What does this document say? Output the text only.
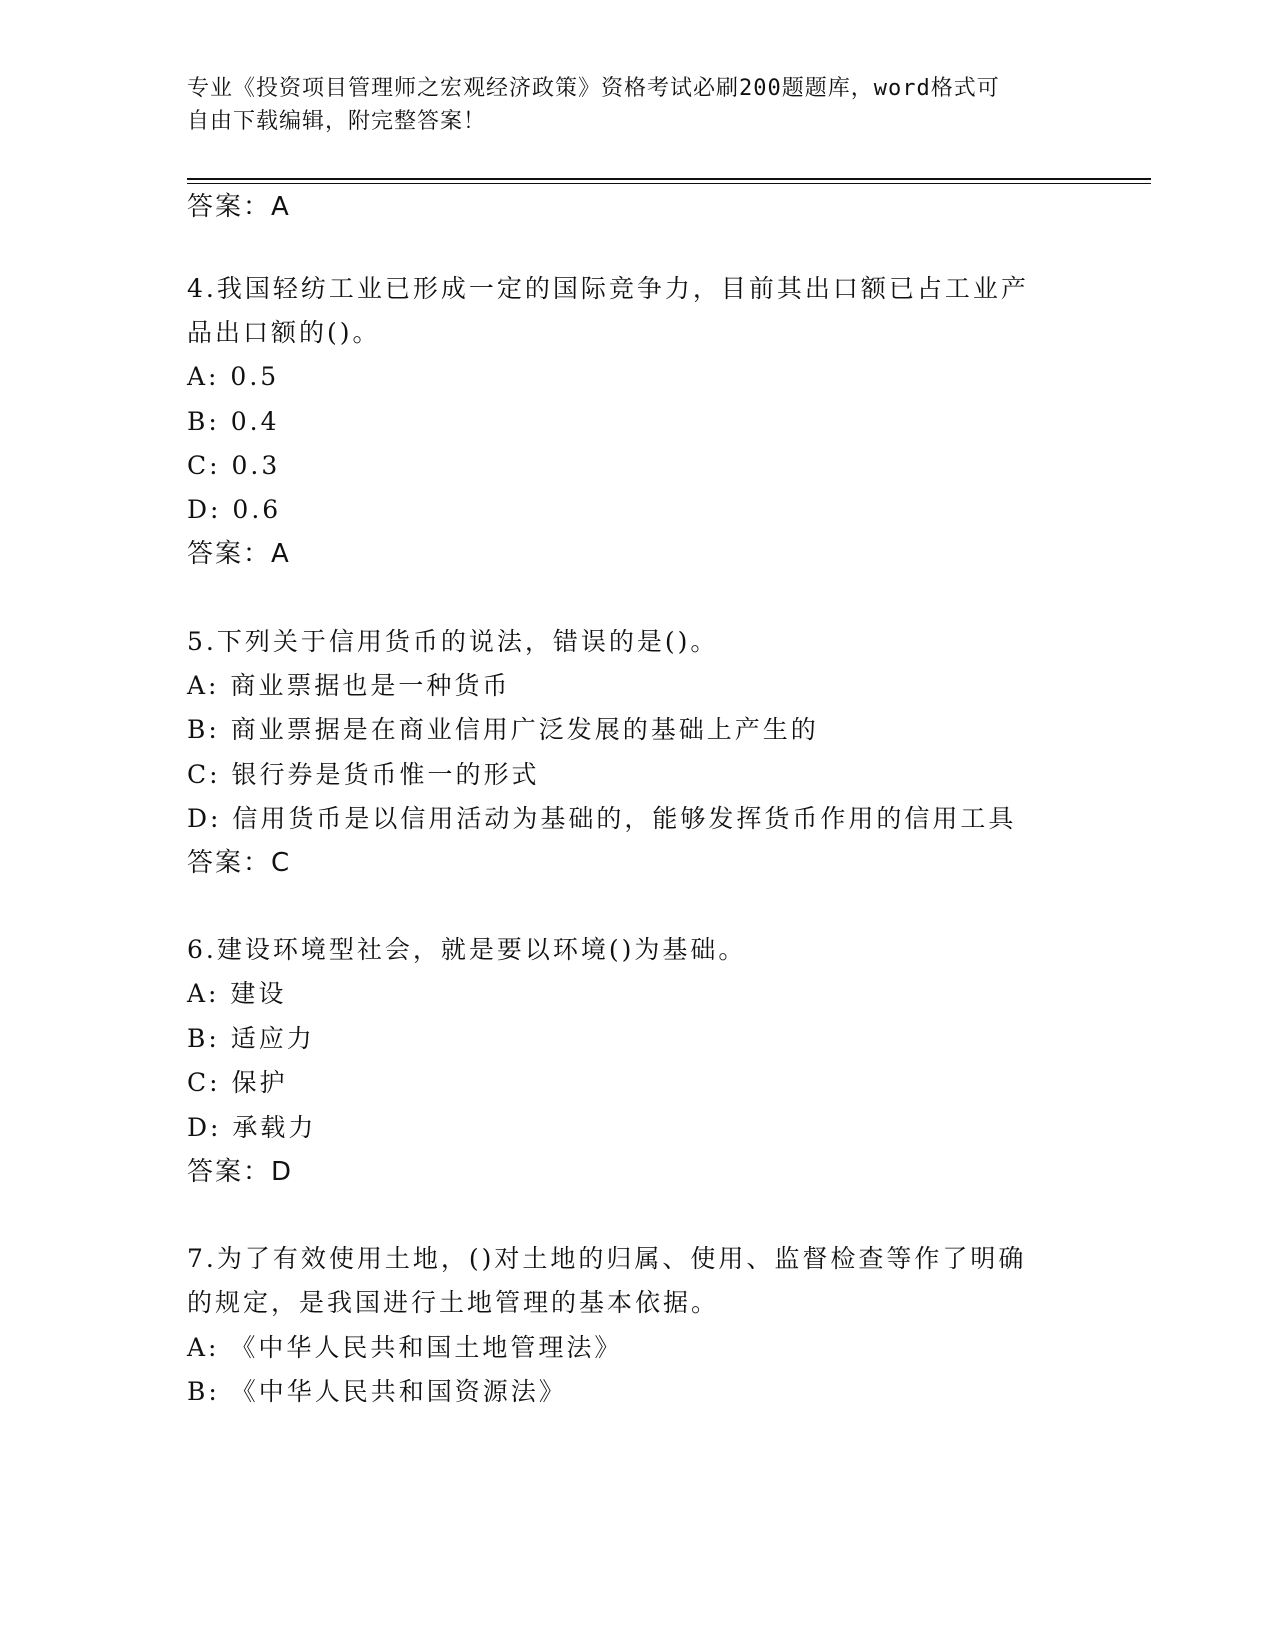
专业《投资项目管理师之宏观经济政策》资格考试必刷200题题库，word格式可
自由下载编辑，附完整答案！
答案：A
4.我国轻纺工业已形成一定的国际竞争力，目前其出口额已占工业产
品出口额的()。
A: 0.5
B: 0.4
C: 0.3
D: 0.6
答案：A
5.下列关于信用货币的说法，错误的是()。
A: 商业票据也是一种货币
B: 商业票据是在商业信用广泛发展的基础上产生的
C: 银行券是货币惟一的形式
D: 信用货币是以信用活动为基础的，能够发挥货币作用的信用工具
答案：C
6.建设环境型社会，就是要以环境()为基础。
A: 建设
B: 适应力
C: 保护
D: 承载力
答案：D
7.为了有效使用土地，()对土地的归属、使用、监督检查等作了明确
的规定，是我国进行土地管理的基本依据。
A: 《中华人民共和国土地管理法》
B: 《中华人民共和国资源法》
